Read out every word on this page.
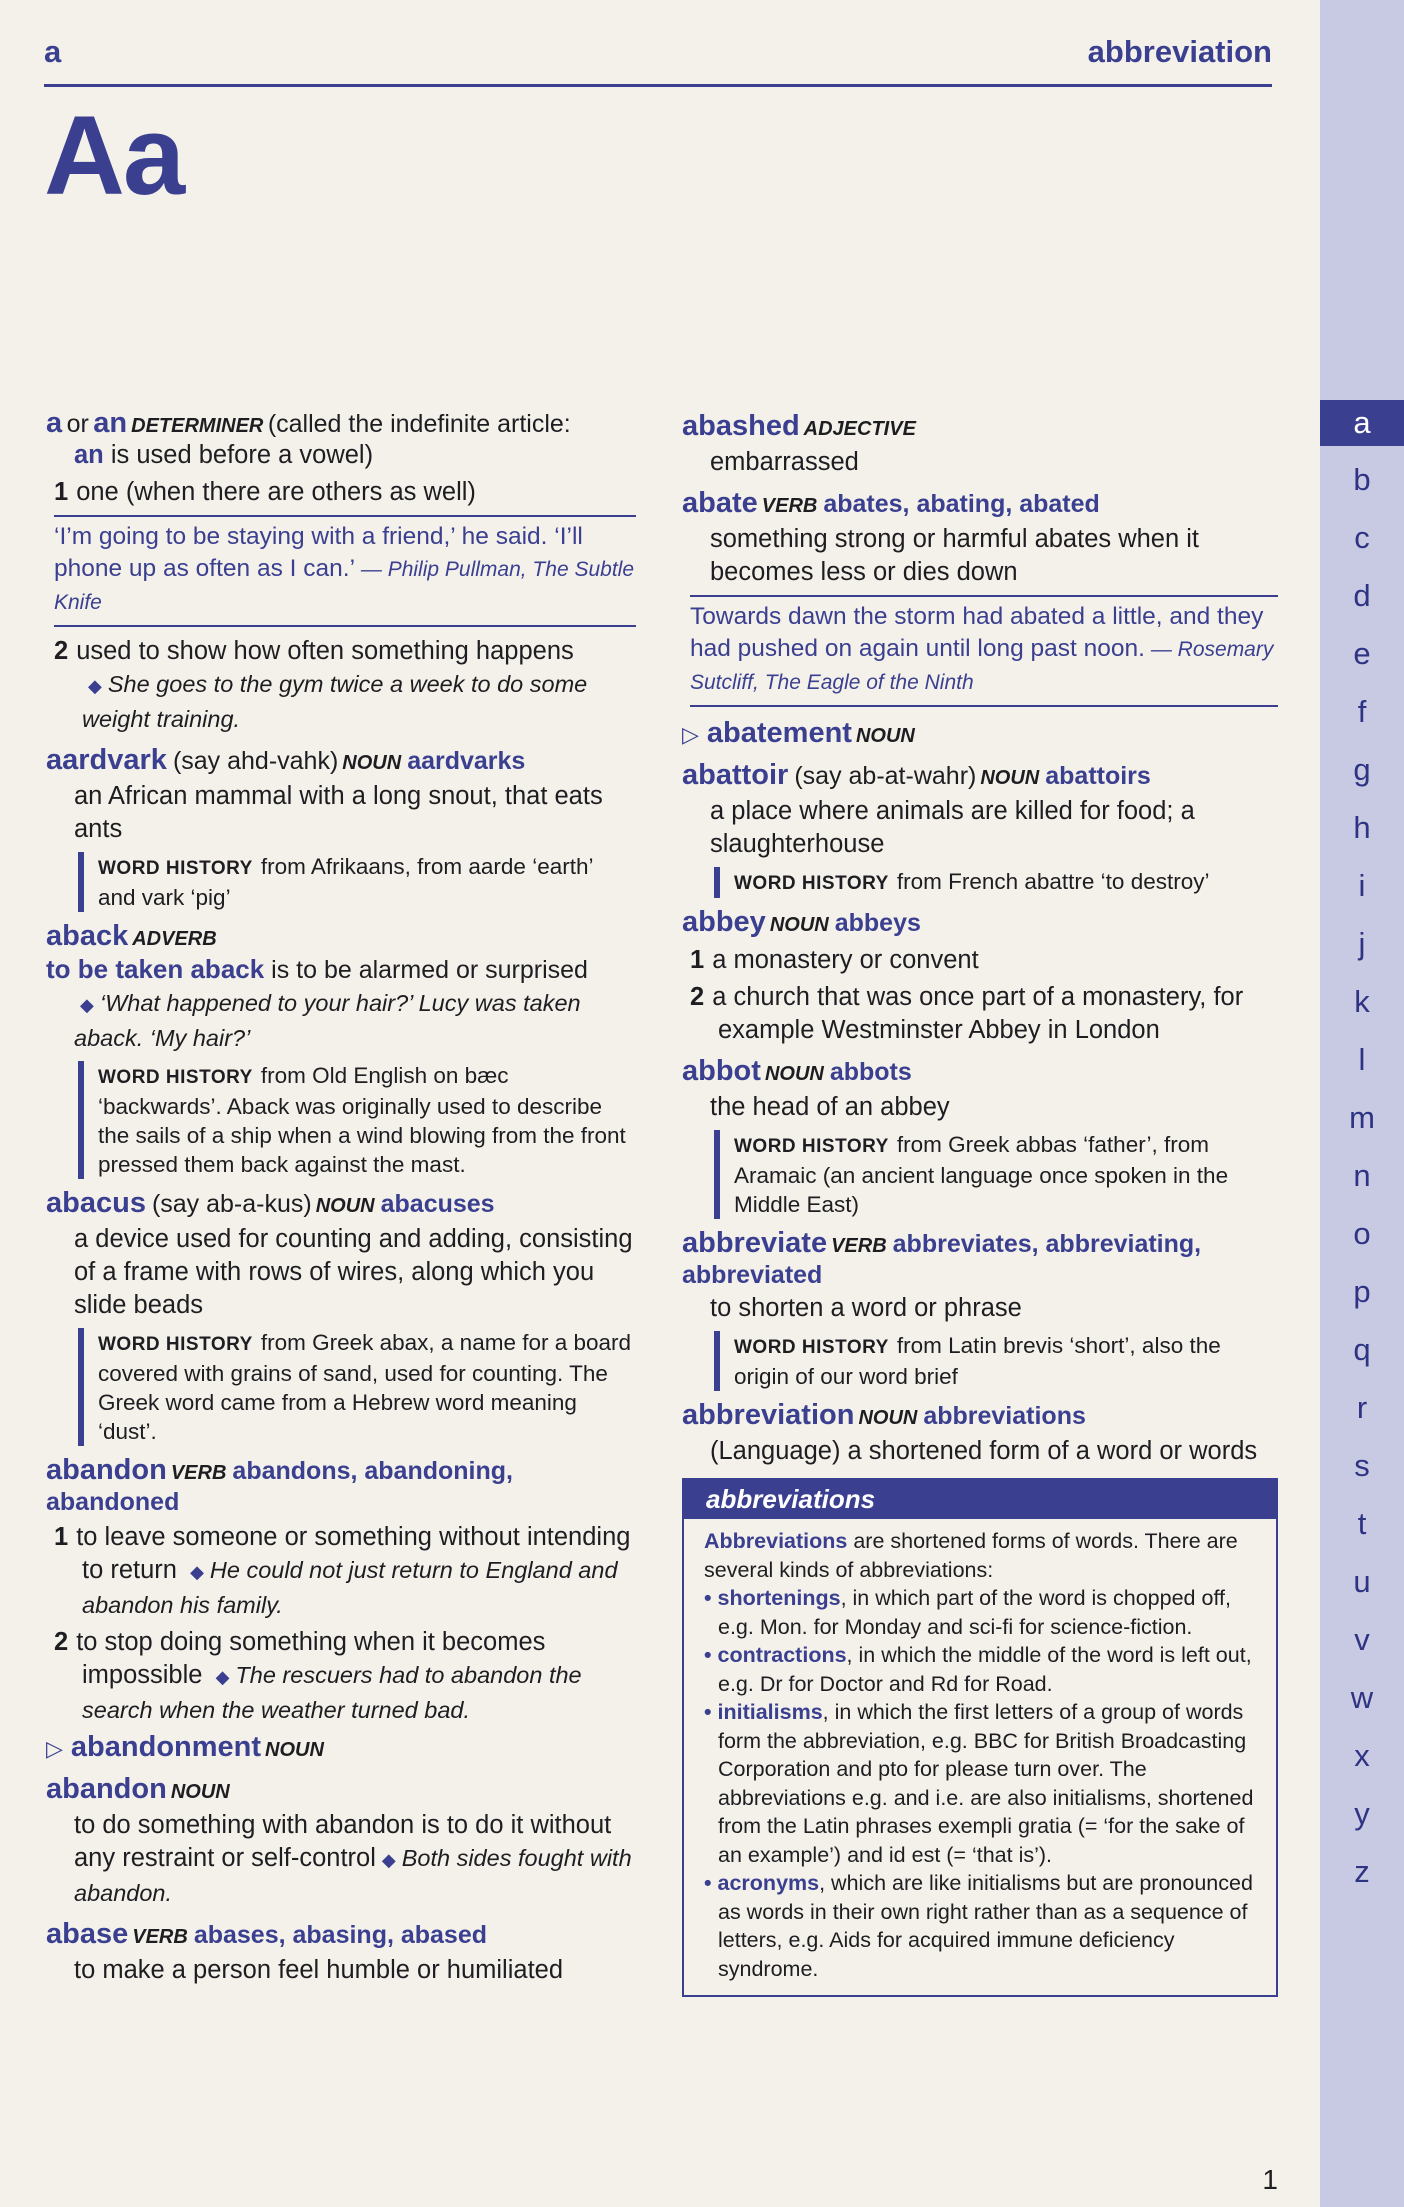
a	abbreviation
Aa
a or an DETERMINER (called the indefinite article:
an is used before a vowel)
1 one (when there are others as well)
‘I’m going to be staying with a friend,’ he said. ‘I’ll phone up as often as I can.’ — Philip Pullman, The Subtle Knife
2 used to show how often something happens ◆ She goes to the gym twice a week to do some weight training.
aardvark (say ahd-vahk) NOUN aardvarks
an African mammal with a long snout, that eats ants
WORD HISTORY from Afrikaans, from aarde ‘earth’ and vark ‘pig’
aback ADVERB
to be taken aback is to be alarmed or surprised
◆ ‘What happened to your hair?’ Lucy was taken aback. ‘My hair?’
WORD HISTORY from Old English on bæc ‘backwards’. Aback was originally used to describe the sails of a ship when a wind blowing from the front pressed them back against the mast.
abacus (say ab-a-kus) NOUN abacuses
a device used for counting and adding, consisting of a frame with rows of wires, along which you slide beads
WORD HISTORY from Greek abax, a name for a board covered with grains of sand, used for counting. The Greek word came from a Hebrew word meaning ‘dust’.
abandon VERB abandons, abandoning, abandoned
1 to leave someone or something without intending to return ◆ He could not just return to England and abandon his family.
2 to stop doing something when it becomes impossible ◆ The rescuers had to abandon the search when the weather turned bad.
▷ abandonment NOUN
abandon NOUN
to do something with abandon is to do it without any restraint or self-control ◆ Both sides fought with abandon.
abase VERB abases, abasing, abased
to make a person feel humble or humiliated
abashed ADJECTIVE
embarrassed
abate VERB abates, abating, abated
something strong or harmful abates when it becomes less or dies down
Towards dawn the storm had abated a little, and they had pushed on again until long past noon. — Rosemary Sutcliff, The Eagle of the Ninth
▷ abatement NOUN
abattoir (say ab-at-wahr) NOUN abattoirs
a place where animals are killed for food; a slaughterhouse
WORD HISTORY from French abattre ‘to destroy’
abbey NOUN abbeys
1 a monastery or convent
2 a church that was once part of a monastery, for example Westminster Abbey in London
abbot NOUN abbots
the head of an abbey
WORD HISTORY from Greek abbas ‘father’, from Aramaic (an ancient language once spoken in the Middle East)
abbreviate VERB abbreviates, abbreviating, abbreviated
to shorten a word or phrase
WORD HISTORY from Latin brevis ‘short’, also the origin of our word brief
abbreviation NOUN abbreviations
(Language) a shortened form of a word or words
abbreviations
Abbreviations are shortened forms of words. There are several kinds of abbreviations:
• shortenings, in which part of the word is chopped off, e.g. Mon. for Monday and sci-fi for science-fiction.
• contractions, in which the middle of the word is left out, e.g. Dr for Doctor and Rd for Road.
• initialisms, in which the first letters of a group of words form the abbreviation, e.g. BBC for British Broadcasting Corporation and pto for please turn over. The abbreviations e.g. and i.e. are also initialisms, shortened from the Latin phrases exempli gratia (= ‘for the sake of an example’) and id est (= ‘that is’).
• acronyms, which are like initialisms but are pronounced as words in their own right rather than as a sequence of letters, e.g. Aids for acquired immune deficiency syndrome.
a
b
c
d
e
f
g
h
i
j
k
l
m
n
o
p
q
r
s
t
u
v
w
x
y
z
1
